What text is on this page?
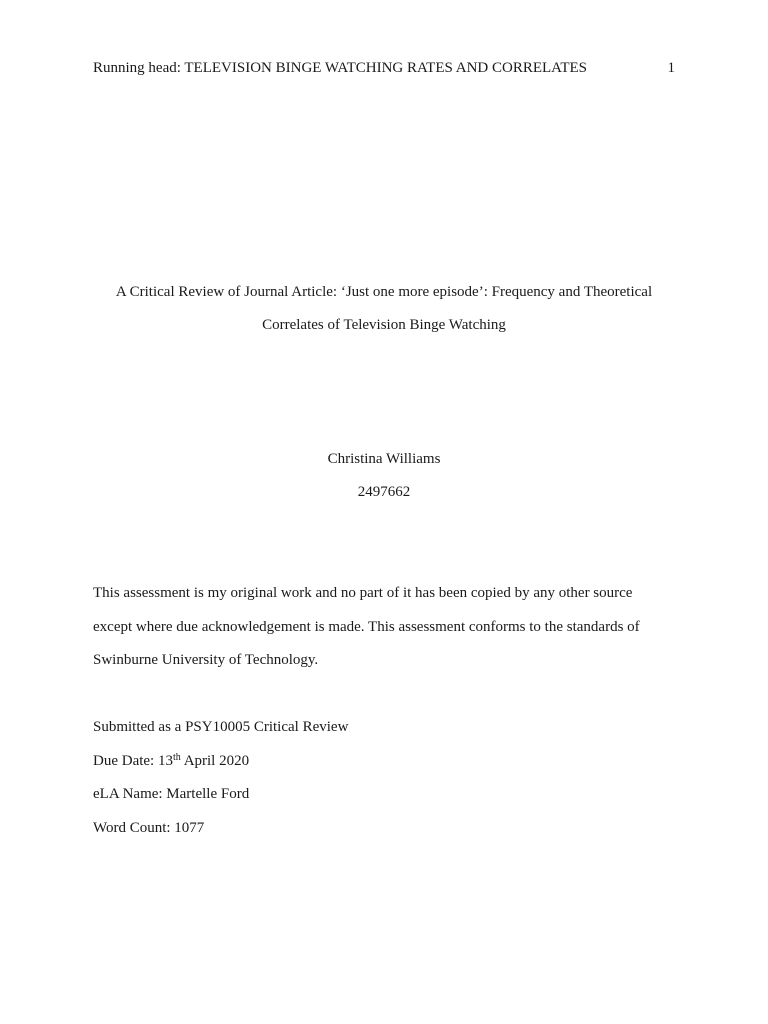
Running head: TELEVISION BINGE WATCHING RATES AND CORRELATES	1
A Critical Review of Journal Article: ‘Just one more episode’: Frequency and Theoretical
Correlates of Television Binge Watching
Christina Williams
2497662
This assessment is my original work and no part of it has been copied by any other source
except where due acknowledgement is made. This assessment conforms to the standards of
Swinburne University of Technology.
Submitted as a PSY10005 Critical Review
Due Date: 13th April 2020
eLA Name: Martelle Ford
Word Count: 1077
